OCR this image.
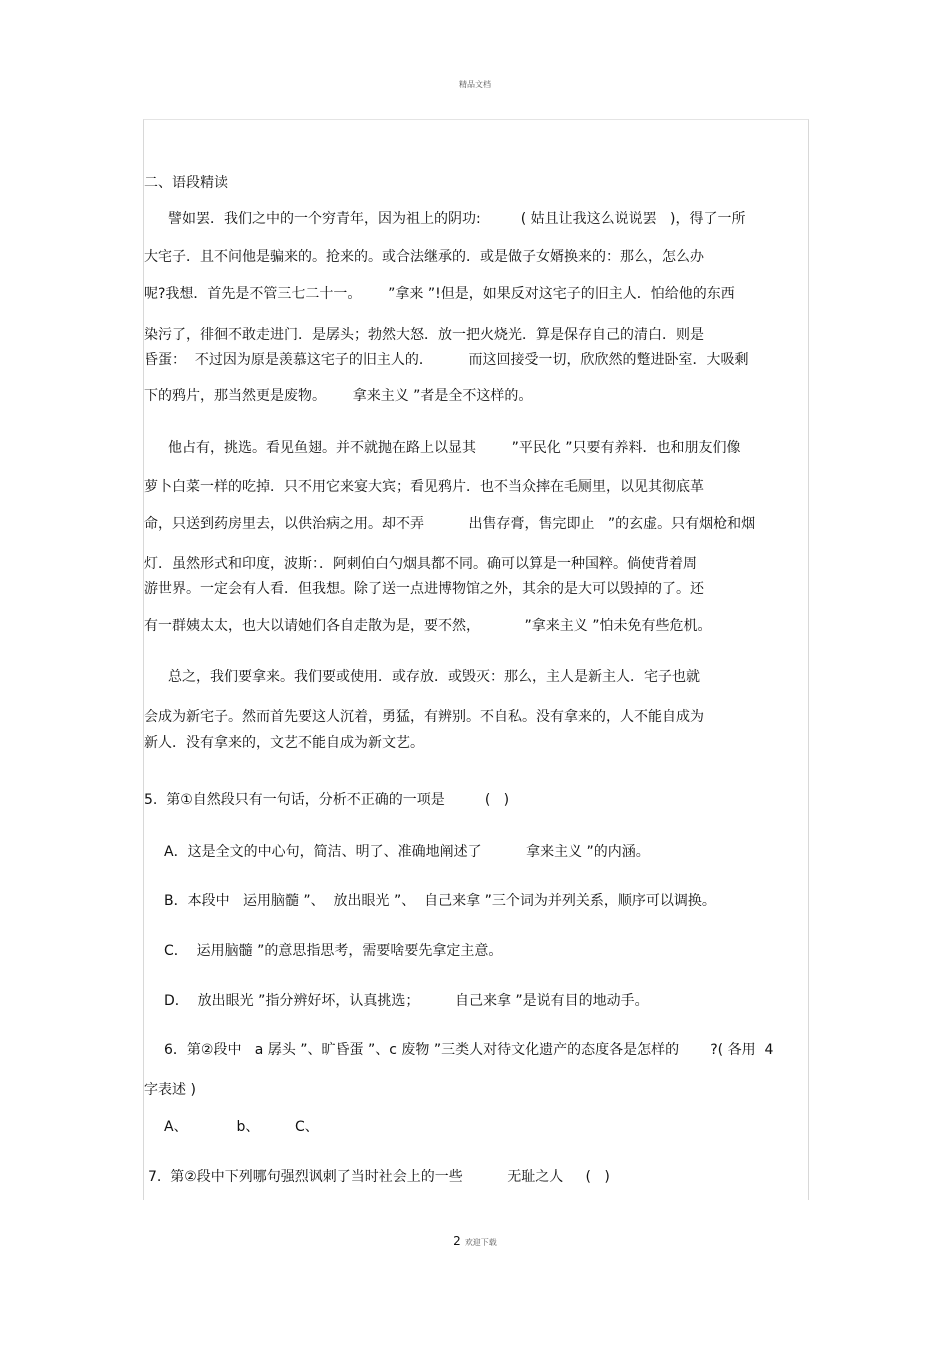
精品文档
二、语段精读
譬如罢．我们之中的一个穷青年，因为祖上的阴功:         ( 姑且让我这么说说罢   )，得了一所
大宅子．且不问他是骗来的。抢来的。或合法继承的．或是做子女婿换来的：那么，怎么办
呢?我想．首先是不管三七二十一。      ”拿来 ”!但是，如果反对这宅子的旧主人．怕给他的东西
染污了，徘徊不敢走进门．是孱头；勃然大怒．放一把火烧光．算是保存自己的清白．则是
昏蛋：  不过因为原是羡慕这宅子的旧主人的．        而这回接受一切，欣欣然的蹩进卧室．大吸剩
下的鸦片，那当然更是废物。      拿来主义 ”者是全不这样的。
他占有，挑选。看见鱼翅。并不就抛在路上以显其        ”平民化 ”只要有养料．也和朋友们像
萝卜白菜一样的吃掉．只不用它来宴大宾；看见鸦片．也不当众摔在毛厕里，以见其彻底革
命，只送到药房里去，以供治病之用。却不弄          出售存膏，售完即止   ”的玄虚。只有烟枪和烟
灯．虽然形式和印度，波斯：．阿刺伯白勺烟具都不同。确可以算是一种国粹。倘使背着周
游世界。一定会有人看．但我想。除了送一点进博物馆之外，其余的是大可以毁掉的了。还
有一群姨太太，也大以请她们各自走散为是，要不然，          ”拿来主义 ”怕未免有些危机。
总之，我们要拿来。我们要或使用．或存放．或毁灭：那么，主人是新主人．宅子也就
会成为新宅子。然而首先要这人沉着，勇猛，有辨别。不自私。没有拿来的，人不能自成为
新人．没有拿来的，文艺不能自成为新文艺。
5.  第①自然段只有一句话，分析不正确的一项是         (   )
A．这是全文的中心句，简洁、明了、准确地阐述了          拿来主义 ”的内涵。
B．本段中   运用脑髓 ”、  放出眼光 ”、  自己来拿 ”三个词为并列关系，顺序可以调换。
C．  运用脑髓 ”的意思指思考，需要啥要先拿定主意。
D．  放出眼光 ”指分辨好坏，认真挑选；        自己来拿 ”是说有目的地动手。
6．第②段中   a 孱头 ”、旷昏蛋 ”、c 废物 ”三类人对待文化遗产的态度各是怎样的       ?( 各用  4
字表述 )
A、           b、        C、
7.  第②段中下列哪句强烈讽刺了当时社会上的一些          无耻之人     (   )
2 欢迎下载
